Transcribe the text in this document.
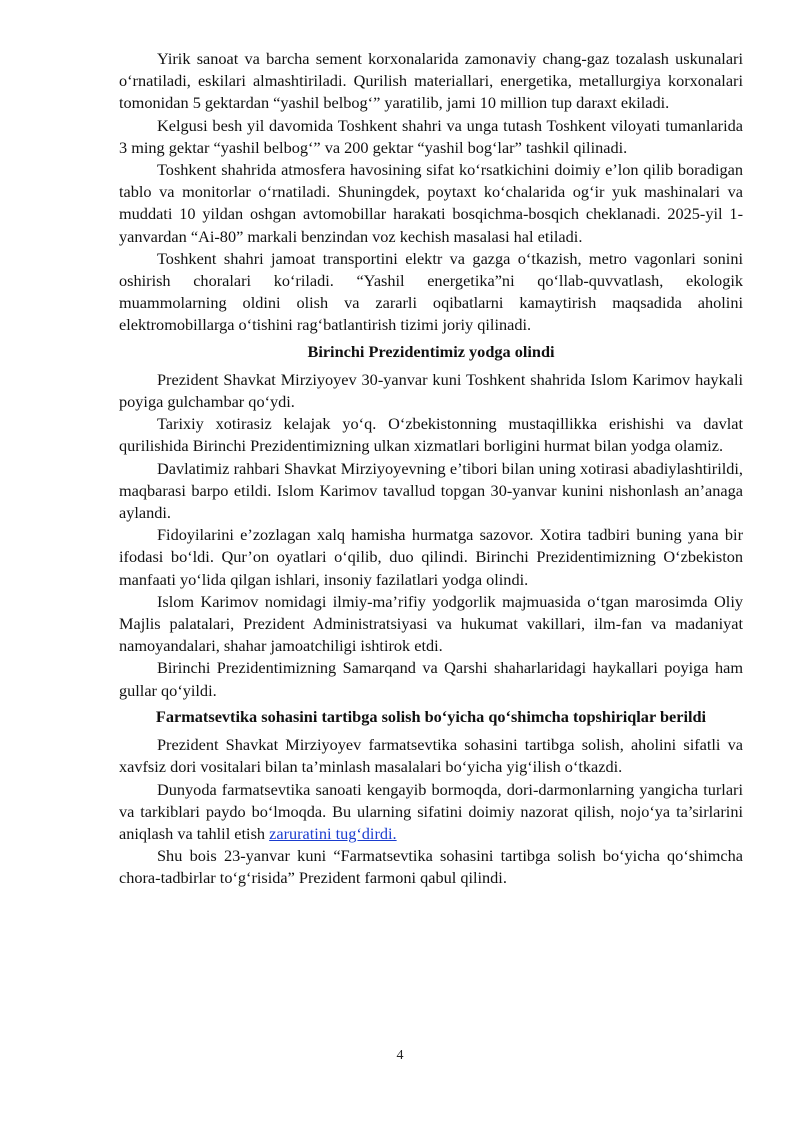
Yirik sanoat va barcha sement korxonalarida zamonaviy chang-gaz tozalash uskunalari oʻrnatiladi, eskilari almashtiriladi. Qurilish materiallari, energetika, metallurgiya korxonalari tomonidan 5 gektardan “yashil belbogʻ” yaratilib, jami 10 million tup daraxt ekiladi.

Kelgusi besh yil davomida Toshkent shahri va unga tutash Toshkent viloyati tumanlarida 3 ming gektar “yashil belbogʻ” va 200 gektar “yashil bogʻlar” tashkil qilinadi.

Toshkent shahrida atmosfera havosining sifat koʻrsatkichini doimiy e’lon qilib boradigan tablo va monitorlar oʻrnatiladi. Shuningdek, poytaxt koʻchalarida ogʻir yuk mashinalari va muddati 10 yildan oshgan avtomobillar harakati bosqichma-bosqich cheklanadi. 2025-yil 1-yanvardan “Ai-80” markali benzindan voz kechish masalasi hal etiladi.

Toshkent shahri jamoat transportini elektr va gazga oʻtkazish, metro vagonlari sonini oshirish choralari koʻriladi. “Yashil energetika”ni qoʻllab-quvvatlash, ekologik muammolarning oldini olish va zararli oqibatlarni kamaytirish maqsadida aholini elektromobillarga oʻtishini ragʻbatlantirish tizimi joriy qilinadi.

Birinchi Prezidentimiz yodga olindi

Prezident Shavkat Mirziyoyev 30-yanvar kuni Toshkent shahrida Islom Karimov haykali poyiga gulchambar qoʻydi.

Tarixiy xotirasiz kelajak yoʻq. Oʻzbekistonning mustaqillikka erishishi va davlat qurilishida Birinchi Prezidentimizning ulkan xizmatlari borligini hurmat bilan yodga olamiz.

Davlatimiz rahbari Shavkat Mirziyoyevning e’tibori bilan uning xotirasi abadiylashtirildi, maqbarasi barpo etildi. Islom Karimov tavallud topgan 30-yanvar kunini nishonlash an’anaga aylandi.

Fidoyilarini e’zozlagan xalq hamisha hurmatga sazovor. Xotira tadbiri buning yana bir ifodasi boʻldi. Qur’on oyatlari oʻqilib, duo qilindi. Birinchi Prezidentimizning Oʻzbekiston manfaati yoʻlida qilgan ishlari, insoniy fazilatlari yodga olindi.

Islom Karimov nomidagi ilmiy-ma’rifiy yodgorlik majmuasida oʻtgan marosimda Oliy Majlis palatalari, Prezident Administratsiyasi va hukumat vakillari, ilm-fan va madaniyat namoyandalari, shahar jamoatchiligi ishtirok etdi.

Birinchi Prezidentimizning Samarqand va Qarshi shaharlaridagi haykallari poyiga ham gullar qoʻyildi.

Farmatsevtika sohasini tartibga solish boʻyicha qoʻshimcha topshiriqlar berildi

Prezident Shavkat Mirziyoyev farmatsevtika sohasini tartibga solish, aholini sifatli va xavfsiz dori vositalari bilan ta’minlash masalalari boʻyicha yigʻilish oʻtkazdi.

Dunyoda farmatsevtika sanoati kengayib bormoqda, dori-darmonlarning yangicha turlari va tarkiblari paydo boʻlmoqda. Bu ularning sifatini doimiy nazorat qilish, nojoʻya ta’sirlarini aniqlash va tahlil etish zaruratini tugʻdirdi.

Shu bois 23-yanvar kuni “Farmatsevtika sohasini tartibga solish boʻyicha qoʻshimcha chora-tadbirlar toʻgʻrisida” Prezident farmoni qabul qilindi.

4
